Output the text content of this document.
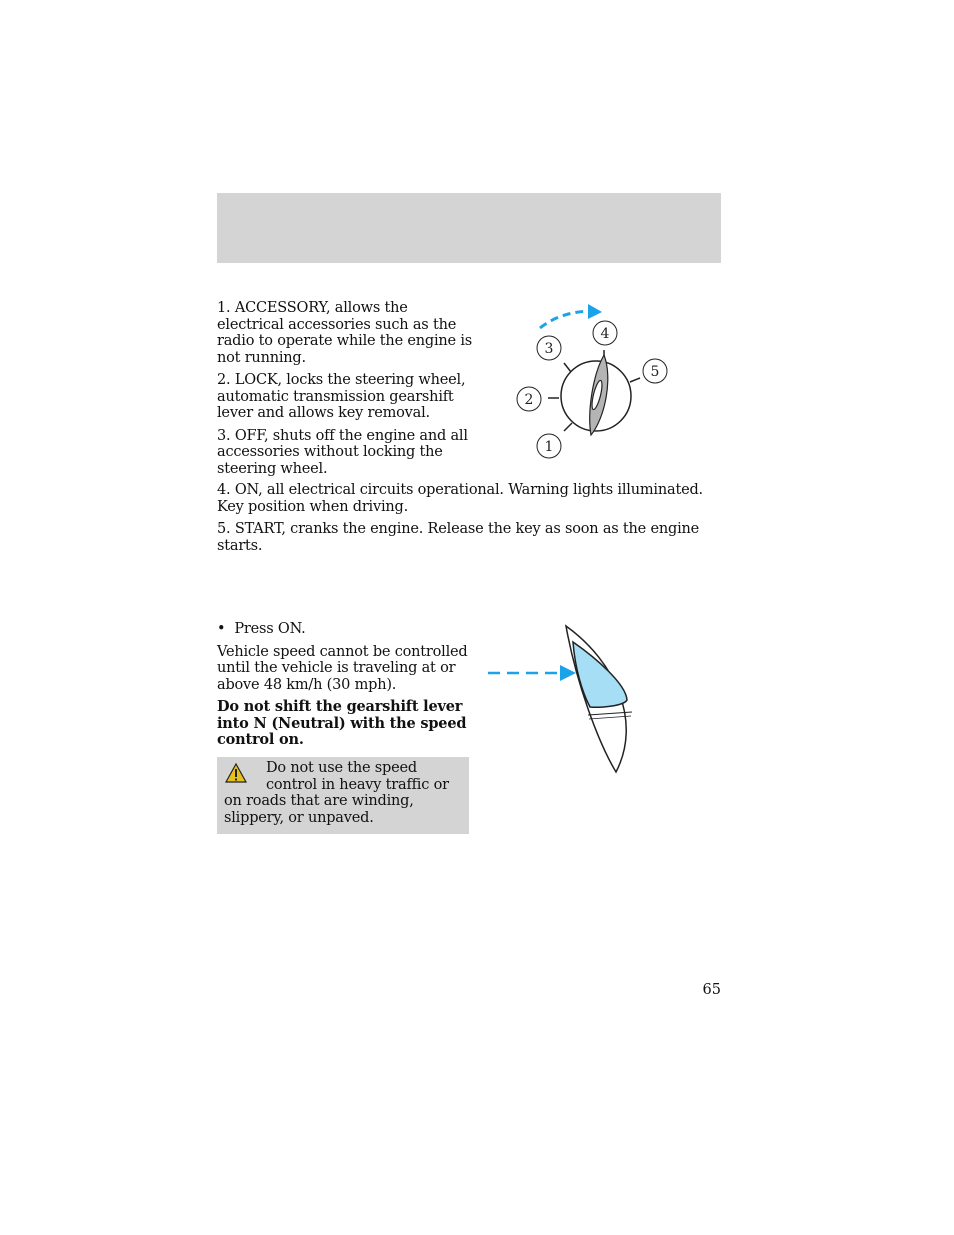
1. ACCESSORY, allows the electrical accessories such as the radio to operate while the engine is not running.

2. LOCK, locks the steering wheel, automatic transmission gearshift lever and allows key removal.

3. OFF, shuts off the engine and all accessories without locking the steering wheel.

4. ON, all electrical circuits operational. Warning lights illuminated. Key position when driving.

5. START, cranks the engine. Release the key as soon as the engine starts.

1
2
3
4
5

• Press ON.

Vehicle speed cannot be controlled until the vehicle is traveling at or above 48 km/h (30 mph).

Do not shift the gearshift lever into N (Neutral) with the speed control on.

Do not use the speed control in heavy traffic or on roads that are winding, slippery, or unpaved.
65
